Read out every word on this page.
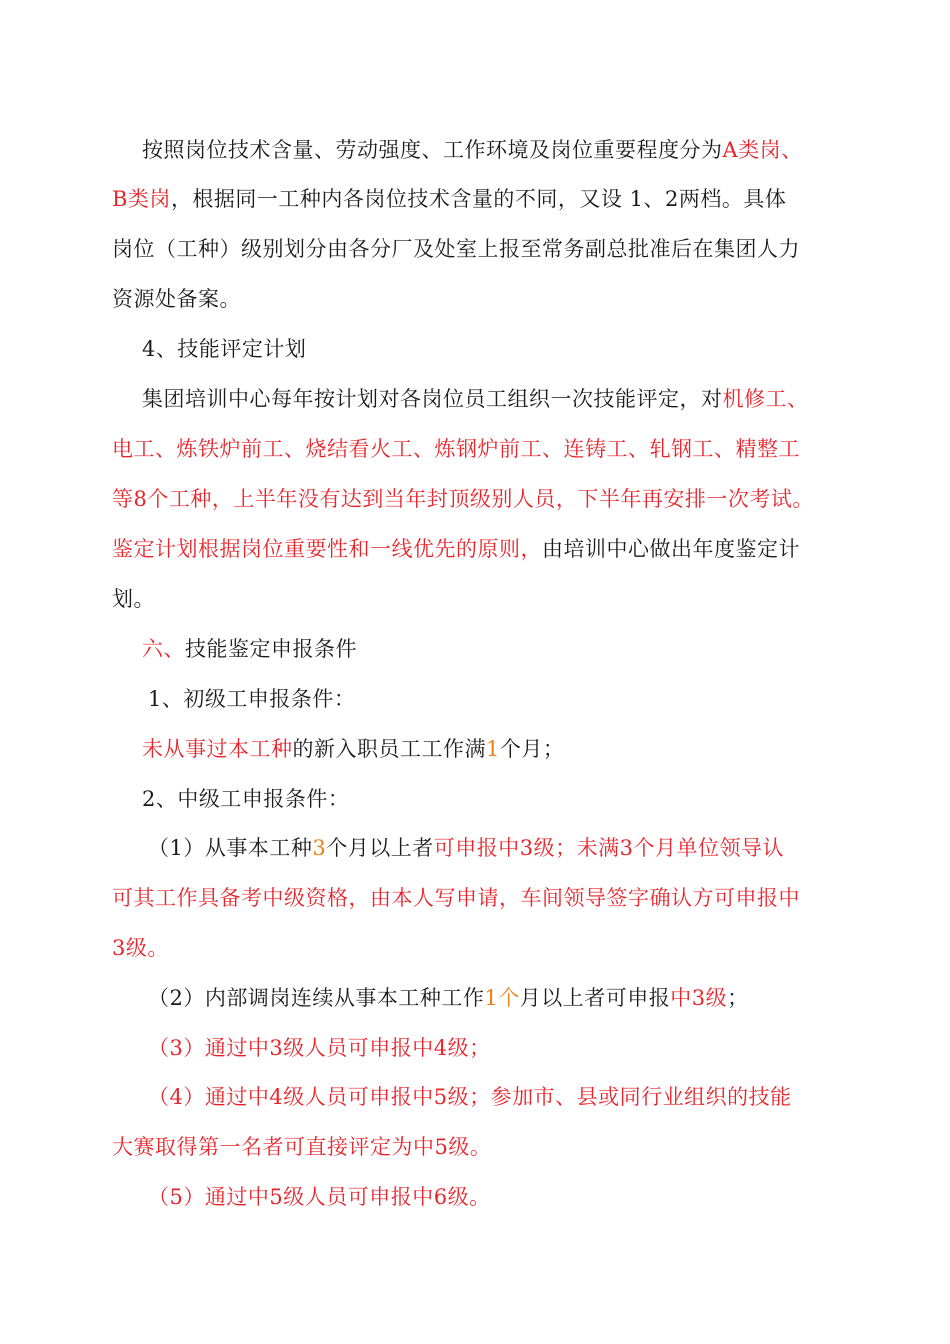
按照岗位技术含量、劳动强度、工作环境及岗位重要程度分为A类岗、
B类岗，根据同一工种内各岗位技术含量的不同，又设 1、2两档。具体
岗位（工种）级别划分由各分厂及处室上报至常务副总批准后在集团人力
资源处备案。
4、技能评定计划
集团培训中心每年按计划对各岗位员工组织一次技能评定，对机修工、
电工、炼铁炉前工、烧结看火工、炼钢炉前工、连铸工、轧钢工、精整工
等8个工种，上半年没有达到当年封顶级别人员，下半年再安排一次考试。
鉴定计划根据岗位重要性和一线优先的原则，由培训中心做出年度鉴定计
划。
六、技能鉴定申报条件
1、初级工申报条件：
未从事过本工种的新入职员工工作满1个月；
2、中级工申报条件：
（1）从事本工种3个月以上者可申报中3级；未满3个月单位领导认
可其工作具备考中级资格，由本人写申请，车间领导签字确认方可申报中
3级。
（2）内部调岗连续从事本工种工作1个月以上者可申报中3级；
（3）通过中3级人员可申报中4级；
（4）通过中4级人员可申报中5级；参加市、县或同行业组织的技能
大赛取得第一名者可直接评定为中5级。
（5）通过中5级人员可申报中6级。
